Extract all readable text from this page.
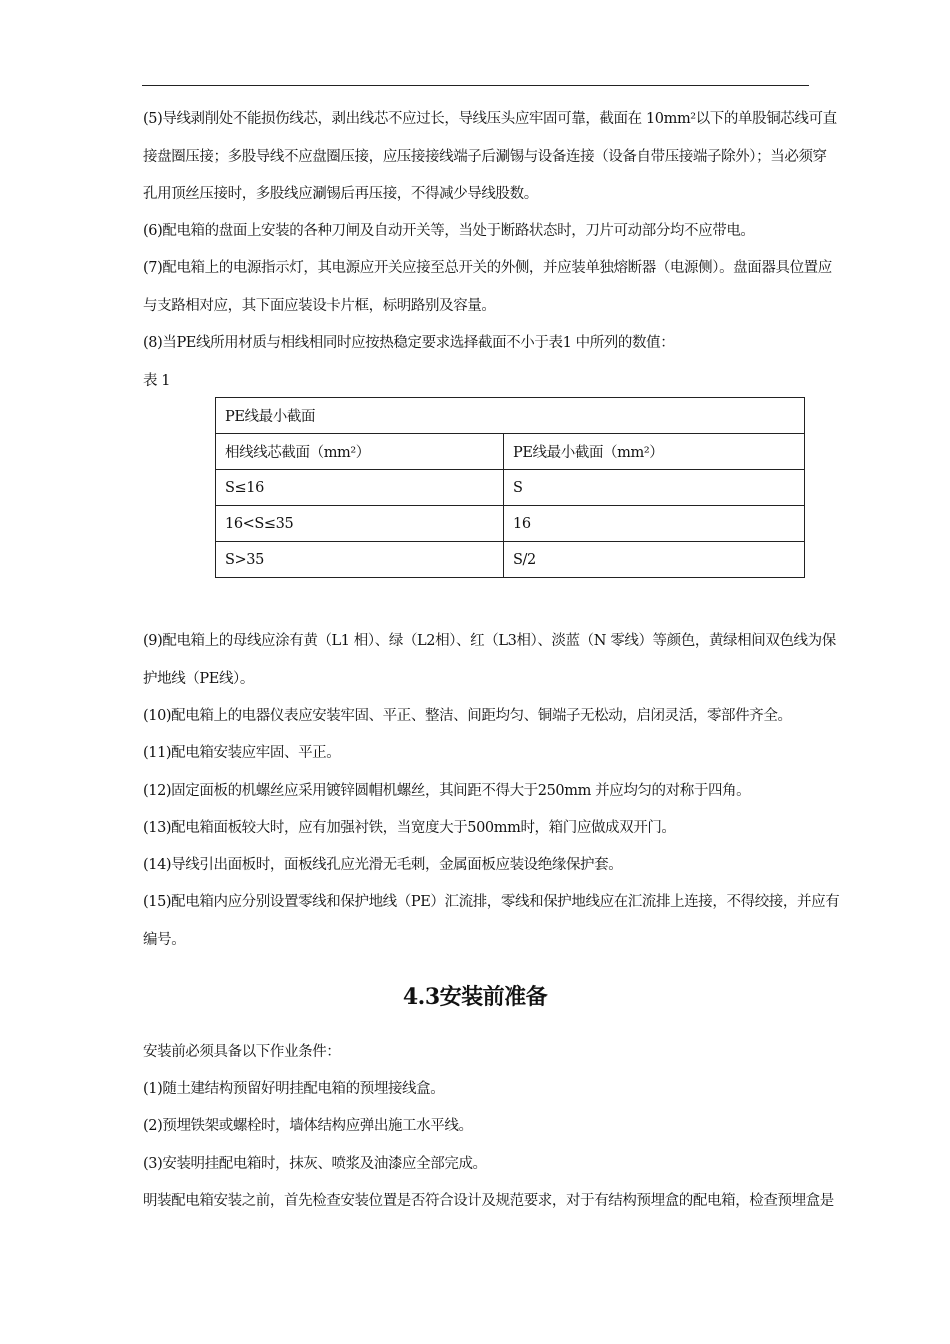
(5)导线剥削处不能损伤线芯，剥出线芯不应过长，导线压头应牢固可靠，截面在 10mm²以下的单股铜芯线可直
接盘圈压接；多股导线不应盘圈压接，应压接接线端子后涮锡与设备连接（设备自带压接端子除外）；当必须穿
孔用顶丝压接时，多股线应涮锡后再压接，不得减少导线股数。
(6)配电箱的盘面上安装的各种刀闸及自动开关等，当处于断路状态时，刀片可动部分均不应带电。
(7)配电箱上的电源指示灯，其电源应开关应接至总开关的外侧，并应装单独熔断器（电源侧）。盘面器具位置应
与支路相对应，其下面应装设卡片框，标明路别及容量。
(8)当PE线所用材质与相线相同时应按热稳定要求选择截面不小于表1 中所列的数值：
表 1
PE线最小截面	
相线线芯截面（mm²）	PE线最小截面（mm²）
S≤16	S
16<S≤35	16
S>35	S/2
(9)配电箱上的母线应涂有黄（L1 相）、绿（L2相）、红（L3相）、淡蓝（N 零线）等颜色，黄绿相间双色线为保
护地线（PE线）。
(10)配电箱上的电器仪表应安装牢固、平正、整洁、间距均匀、铜端子无松动，启闭灵活，零部件齐全。
(11)配电箱安装应牢固、平正。
(12)固定面板的机螺丝应采用镀锌圆帽机螺丝，其间距不得大于250mm 并应均匀的对称于四角。
(13)配电箱面板较大时，应有加强衬铁，当宽度大于500mm时，箱门应做成双开门。
(14)导线引出面板时，面板线孔应光滑无毛刺，金属面板应装设绝缘保护套。
(15)配电箱内应分别设置零线和保护地线（PE）汇流排，零线和保护地线应在汇流排上连接，不得绞接，并应有
编号。
4.3安装前准备
安装前必须具备以下作业条件：
(1)随土建结构预留好明挂配电箱的预埋接线盒。
(2)预埋铁架或螺栓时，墙体结构应弹出施工水平线。
(3)安装明挂配电箱时，抹灰、喷浆及油漆应全部完成。
明装配电箱安装之前，首先检查安装位置是否符合设计及规范要求，对于有结构预埋盒的配电箱，检查预埋盒是
